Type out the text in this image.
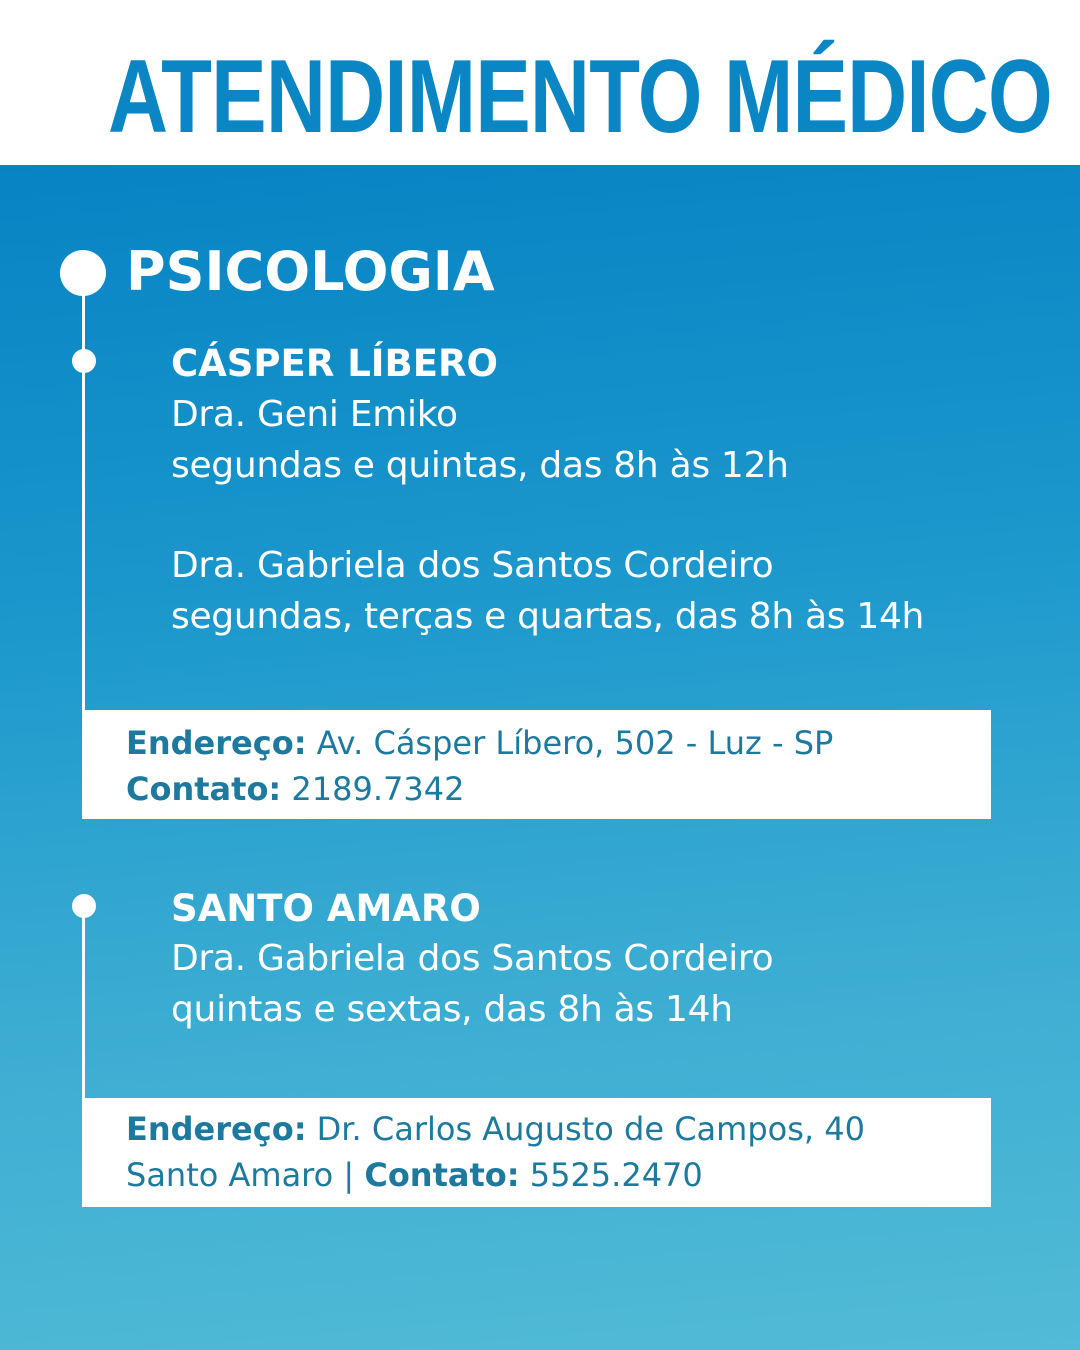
ATENDIMENTO MÉDICO
PSICOLOGIA
CÁSPER LÍBERO

Dra. Geni Emiko

segundas e quintas, das 8h às 12h

Dra. Gabriela dos Santos Cordeiro

segundas, terças e quartas, das 8h às 14h

Endereço: Av. Cásper Líbero, 502 - Luz - SP

Contato: 2189.7342

SANTO AMARO

Dra. Gabriela dos Santos Cordeiro

quintas e sextas, das 8h às 14h

Endereço: Dr. Carlos Augusto de Campos, 40

Santo Amaro | Contato: 5525.2470
